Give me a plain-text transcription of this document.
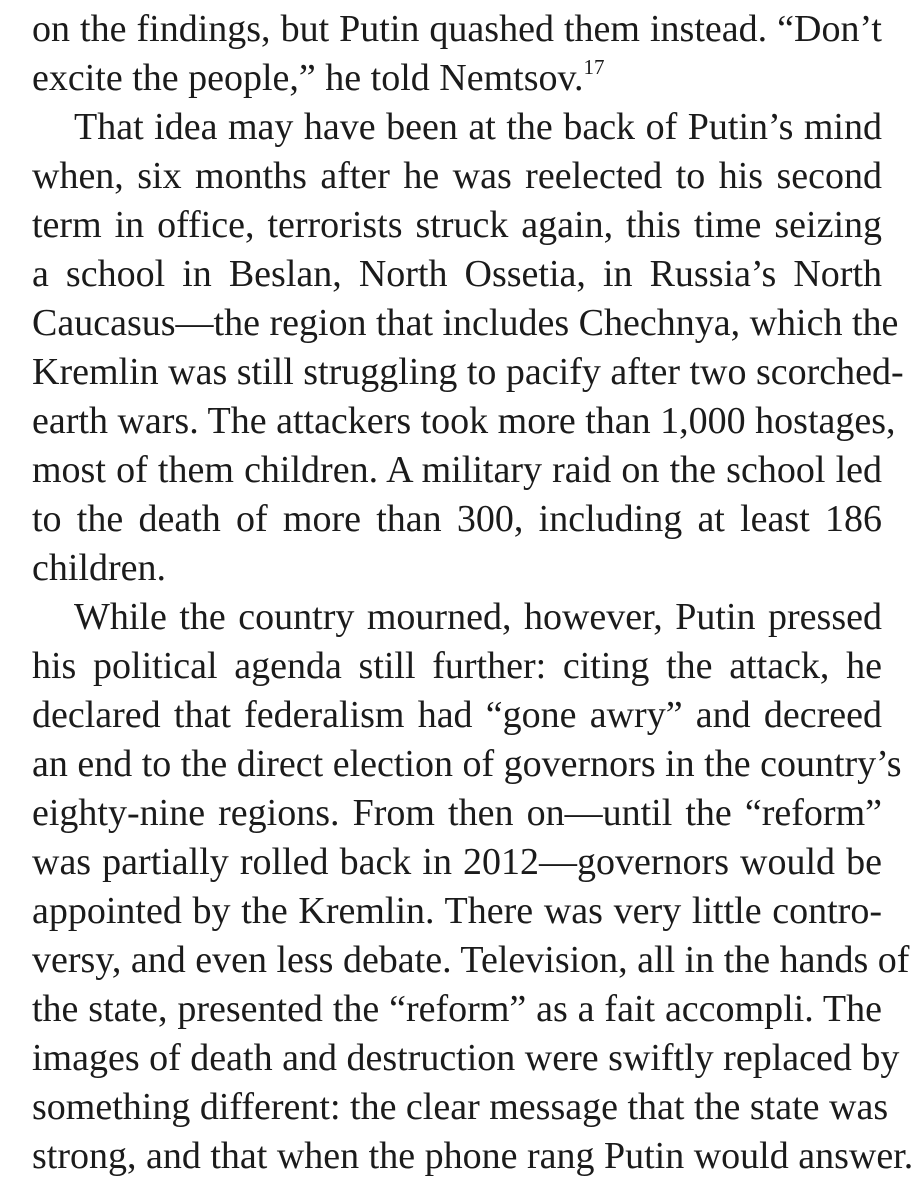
on the findings, but Putin quashed them instead. “Don’t
excite the people,” he told Nemtsov.$^{17}$
That idea may have been at the back of Putin’s mind
when, six months after he was reelected to his second
term in office, terrorists struck again, this time seizing
a school in Beslan, North Ossetia, in Russia’s North
Caucasus—the region that includes Chechnya, which the
Kremlin was still struggling to pacify after two scorched-
earth wars. The attackers took more than 1,000 hostages,
most of them children. A military raid on the school led
to the death of more than 300, including at least 186
children.
While the country mourned, however, Putin pressed
his political agenda still further: citing the attack, he
declared that federalism had “gone awry” and decreed
an end to the direct election of governors in the country’s
eighty-nine regions. From then on—until the “reform”
was partially rolled back in 2012—governors would be
appointed by the Kremlin. There was very little contro-
versy, and even less debate. Television, all in the hands of
the state, presented the “reform” as a fait accompli. The
images of death and destruction were swiftly replaced by
something different: the clear message that the state was
strong, and that when the phone rang Putin would answer.
